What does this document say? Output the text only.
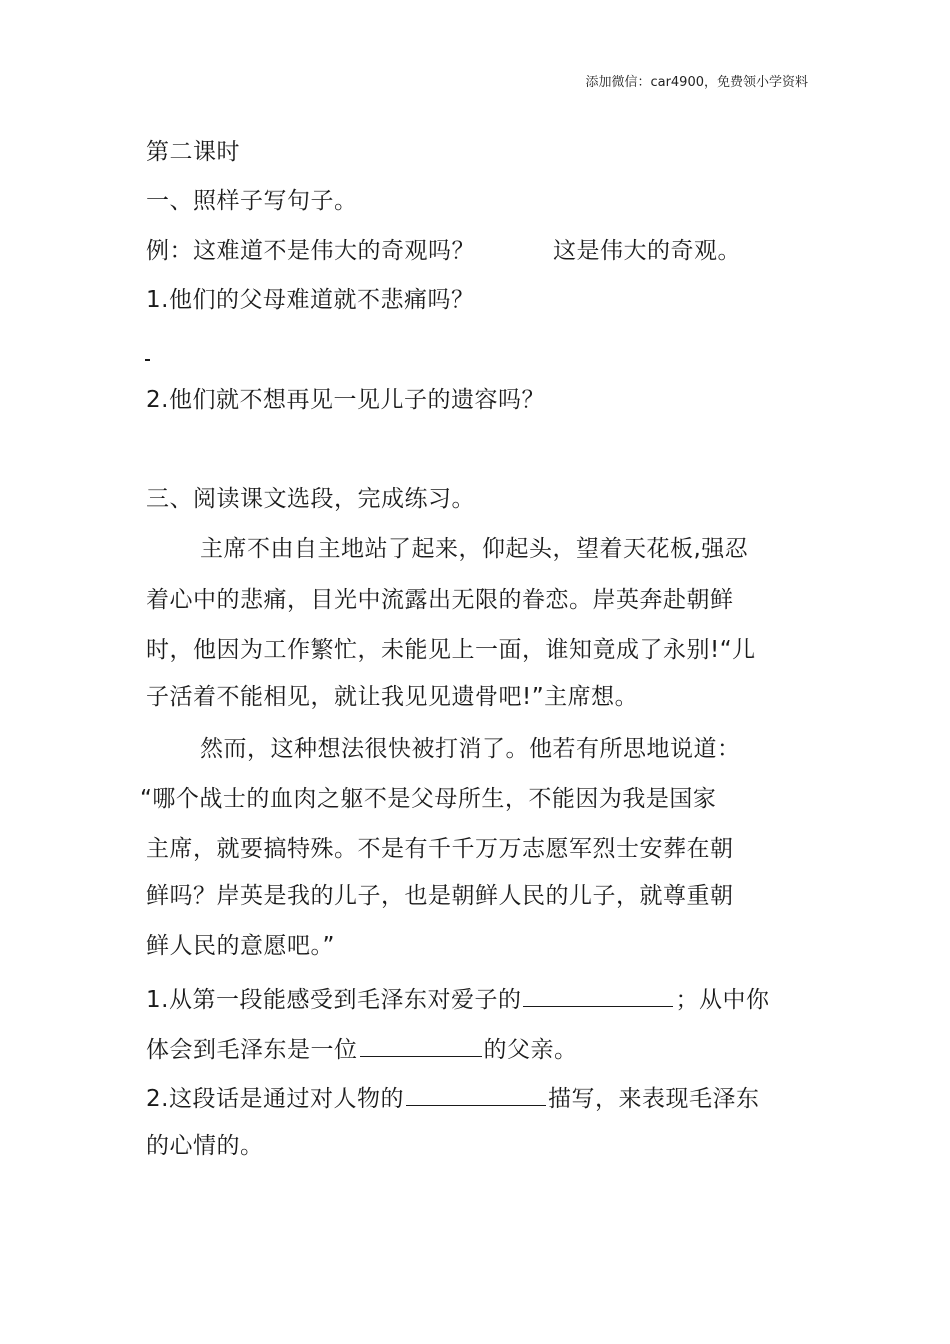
添加微信：car4900，免费领小学资料
第二课时
一、照样子写句子。
例：这难道不是伟大的奇观吗？	这是伟大的奇观。
1.他们的父母难道就不悲痛吗？
2.他们就不想再见一见儿子的遗容吗？
三、阅读课文选段，完成练习。
主席不由自主地站了起来，仰起头，望着天花板,强忍
着心中的悲痛，目光中流露出无限的眷恋。岸英奔赴朝鲜
时，他因为工作繁忙，未能见上一面，谁知竟成了永别!“儿
子活着不能相见，就让我见见遗骨吧!”主席想。
然而，这种想法很快被打消了。他若有所思地说道：
“哪个战士的血肉之躯不是父母所生，不能因为我是国家
主席，就要搞特殊。不是有千千万万志愿军烈士安葬在朝
鲜吗？岸英是我的儿子，也是朝鲜人民的儿子，就尊重朝
鲜人民的意愿吧。”
1.从第一段能感受到毛泽东对爱子的	；从中你
体会到毛泽东是一位	的父亲。
2.这段话是通过对人物的	描写，来表现毛泽东
的心情的。
